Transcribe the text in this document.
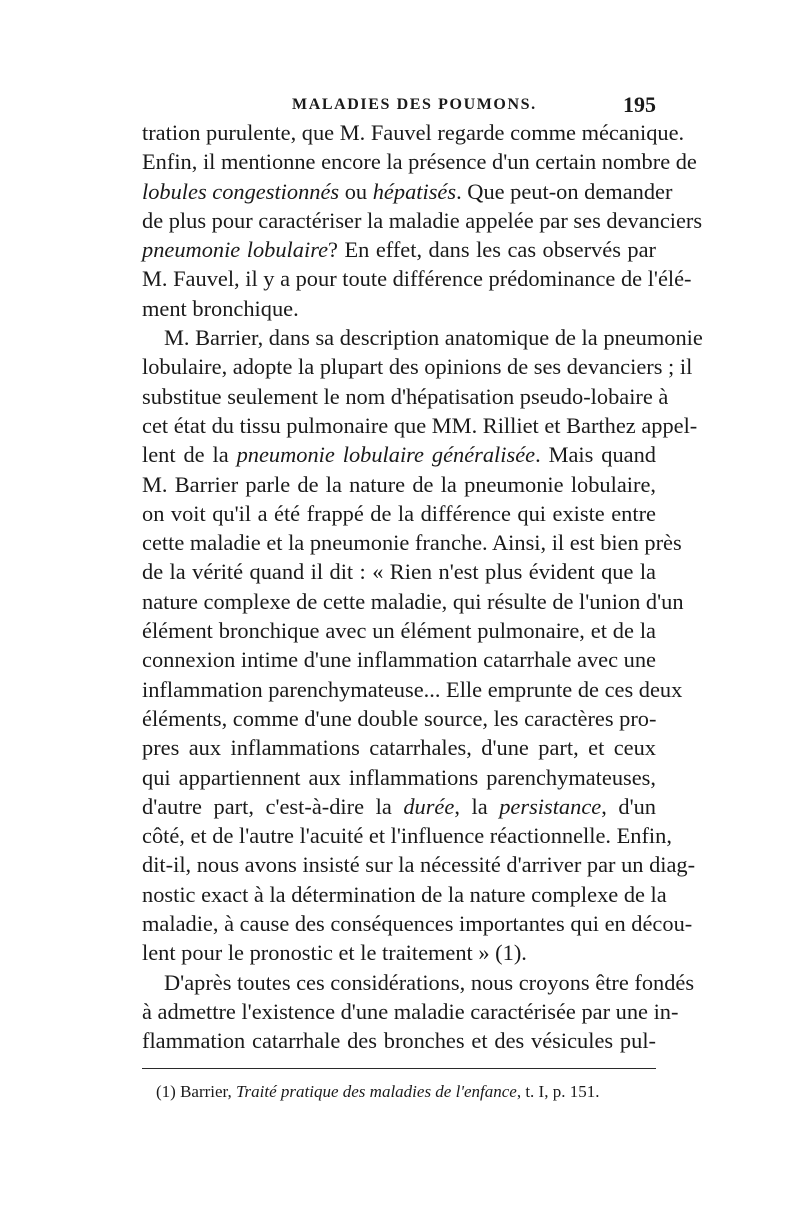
MALADIES DES POUMONS.	195
tration purulente, que M. Fauvel regarde comme mécanique.
Enfin, il mentionne encore la présence d'un certain nombre de
lobules congestionnés ou hépatisés. Que peut-on demander
de plus pour caractériser la maladie appelée par ses devanciers
pneumonie lobulaire? En effet, dans les cas observés par
M. Fauvel, il y a pour toute différence prédominance de l'élé-
ment bronchique.
M. Barrier, dans sa description anatomique de la pneumonie
lobulaire, adopte la plupart des opinions de ses devanciers ; il
substitue seulement le nom d'hépatisation pseudo-lobaire à
cet état du tissu pulmonaire que MM. Rilliet et Barthez appel-
lent de la pneumonie lobulaire généralisée. Mais quand
M. Barrier parle de la nature de la pneumonie lobulaire,
on voit qu'il a été frappé de la différence qui existe entre
cette maladie et la pneumonie franche. Ainsi, il est bien près
de la vérité quand il dit : « Rien n'est plus évident que la
nature complexe de cette maladie, qui résulte de l'union d'un
élément bronchique avec un élément pulmonaire, et de la
connexion intime d'une inflammation catarrhale avec une
inflammation parenchymateuse... Elle emprunte de ces deux
éléments, comme d'une double source, les caractères pro-
pres aux inflammations catarrhales, d'une part, et ceux
qui appartiennent aux inflammations parenchymateuses,
d'autre part, c'est-à-dire la durée, la persistance, d'un
côté, et de l'autre l'acuité et l'influence réactionnelle. Enfin,
dit-il, nous avons insisté sur la nécessité d'arriver par un diag-
nostic exact à la détermination de la nature complexe de la
maladie, à cause des conséquences importantes qui en décou-
lent pour le pronostic et le traitement » (1).
D'après toutes ces considérations, nous croyons être fondés
à admettre l'existence d'une maladie caractérisée par une in-
flammation catarrhale des bronches et des vésicules pul-
(1) Barrier, Traité pratique des maladies de l'enfance, t. I, p. 151.
